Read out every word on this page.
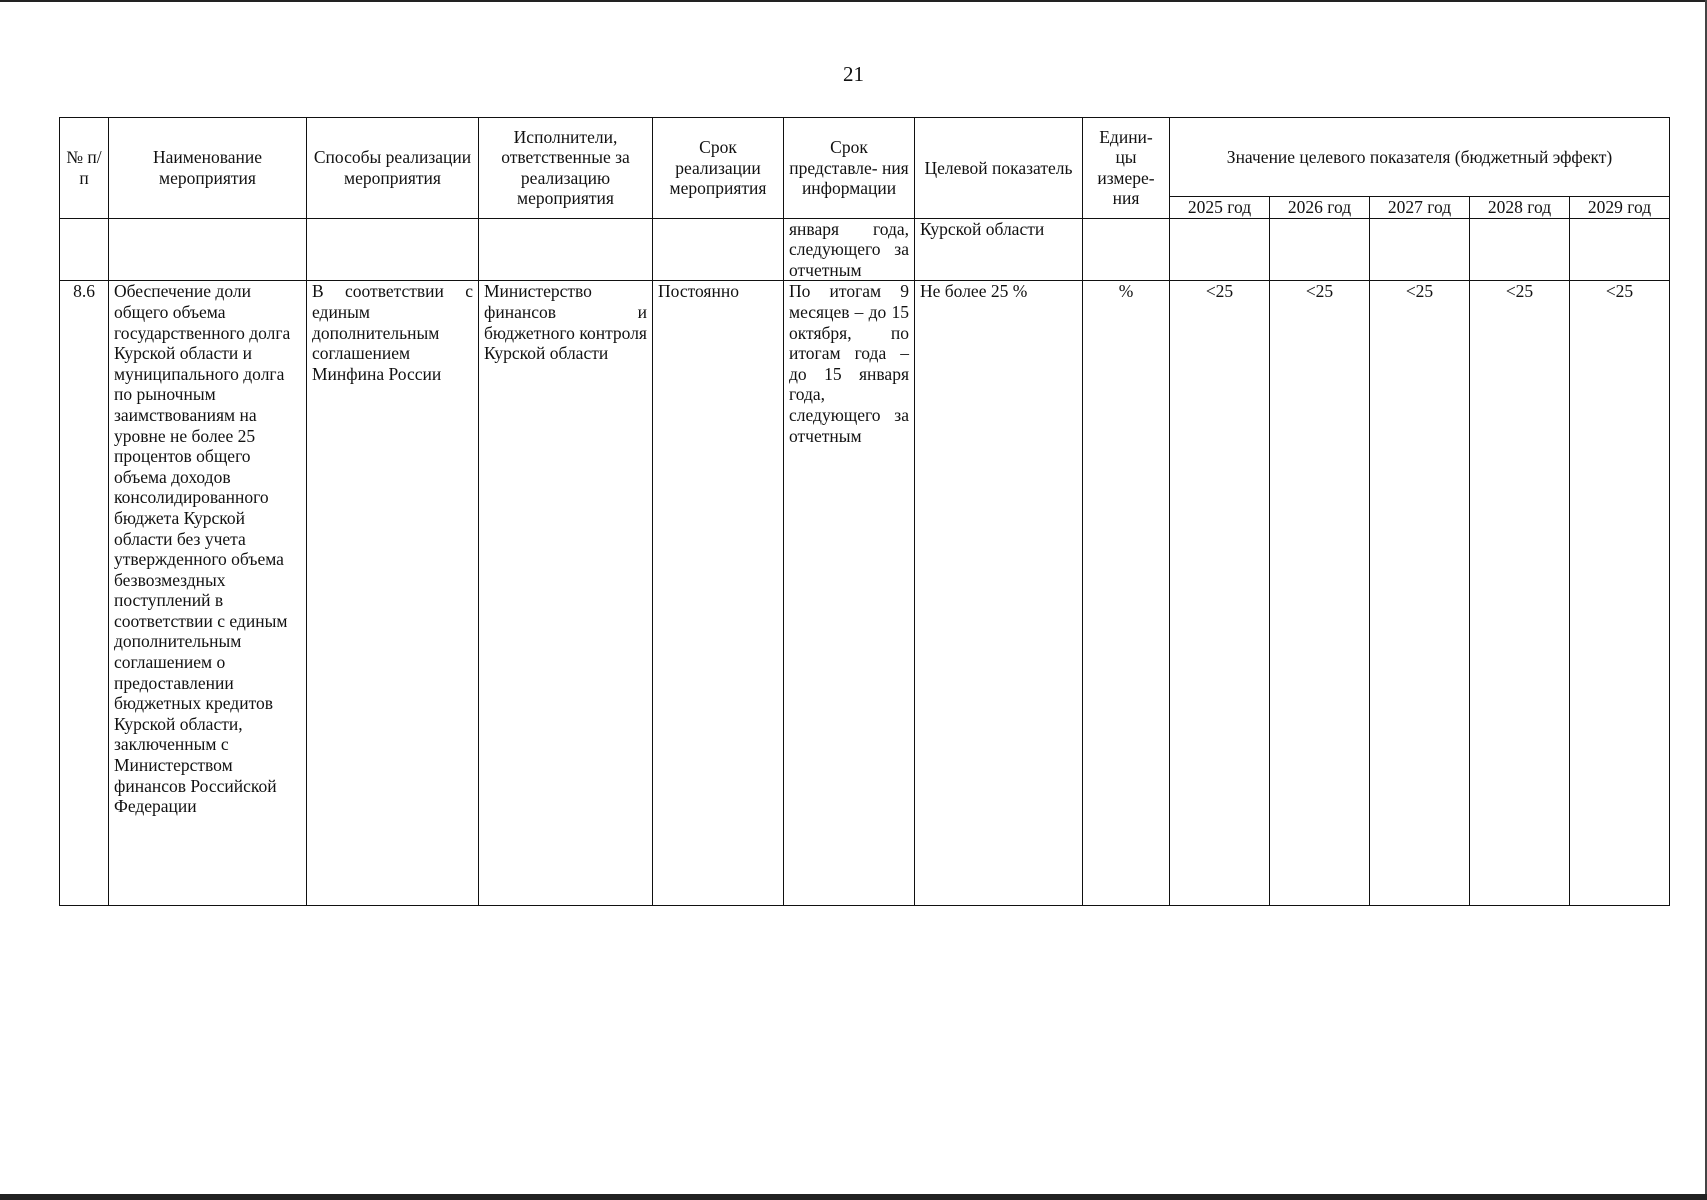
21
№ п/п	Наименование мероприятия	Способы реализации мероприятия	Исполнители, ответственные за реализацию мероприятия	Срок реализации мероприятия	Срок представле- ния информации	Целевой показатель	Едини- цы измере- ния	Значение целевого показателя (бюджетный эффект)				
								2025 год	2026 год	2027 год	2028 год	2029 год
					января года, следующего за отчетным	Курской области						
8.6	Обеспечение доли общего объема государственного долга Курской области и муниципального долга по рыночным заимствованиям на уровне не более 25 процентов общего объема доходов консолидированного бюджета Курской области без учета утвержденного объема безвозмездных поступлений в соответствии с единым дополнительным соглашением о предоставлении бюджетных кредитов Курской области, заключенным с Министерством финансов Российской Федерации	В соответствии с единым дополнительным соглашением Минфина России	Министерство финансов и бюджетного контроля Курской области	Постоянно	По итогам 9 месяцев – до 15 октября, по итогам года – до 15 января года, следующего за отчетным	Не более 25 %	%	<25	<25	<25	<25	<25
